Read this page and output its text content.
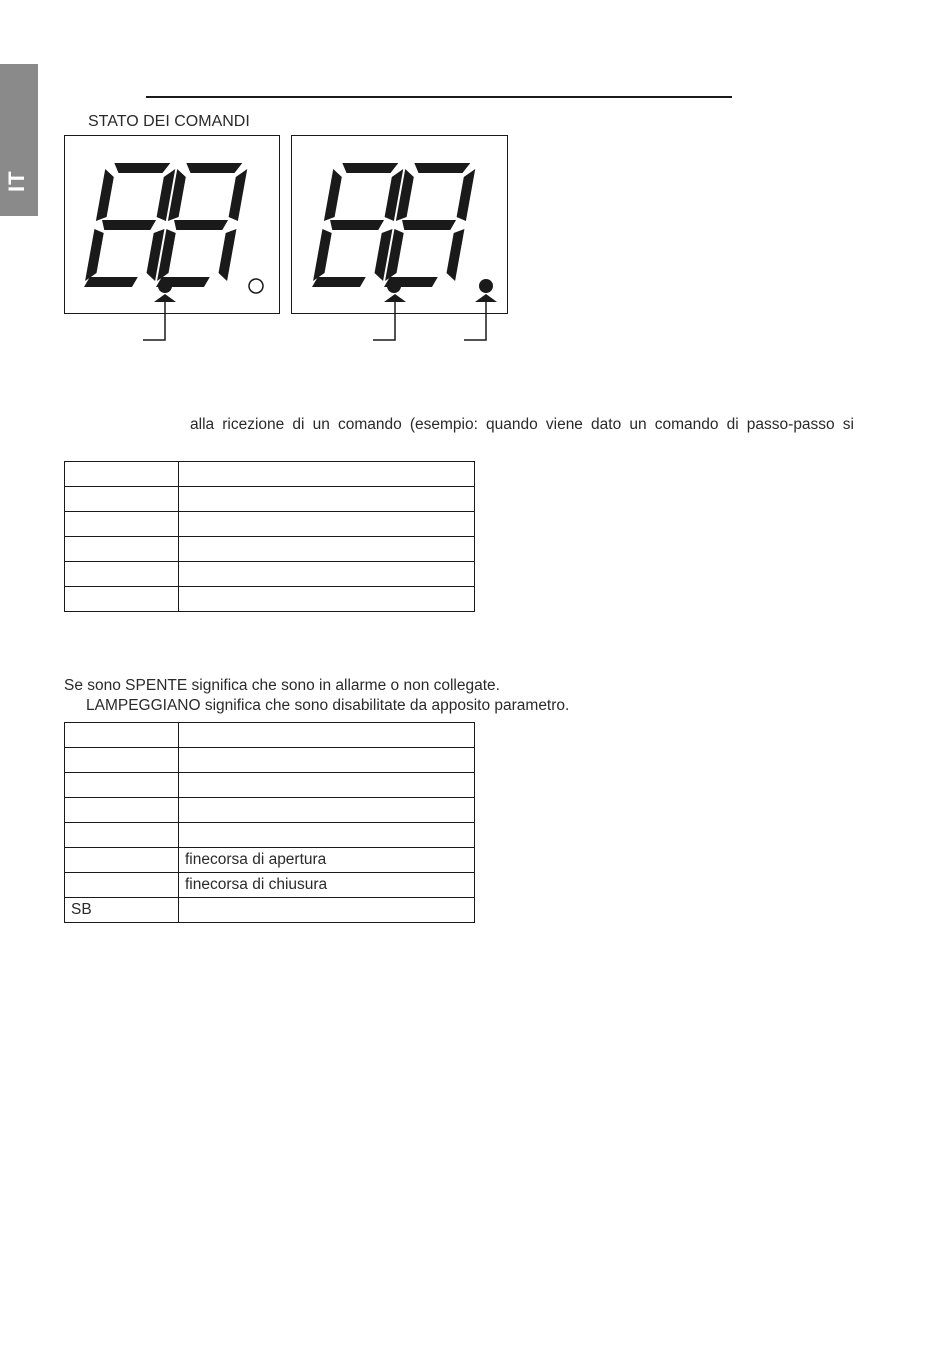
IT
STATO DEI COMANDI
FA	FC
alla ricezione di un comando (esempio: quando viene dato un comando di passo-passo si

Se sono SPENTE significa che sono in allarme o non collegate.
LAMPEGGIANO significa che sono disabilitate da apposito parametro.

	finecorsa di apertura
	finecorsa di chiusura
SB	
